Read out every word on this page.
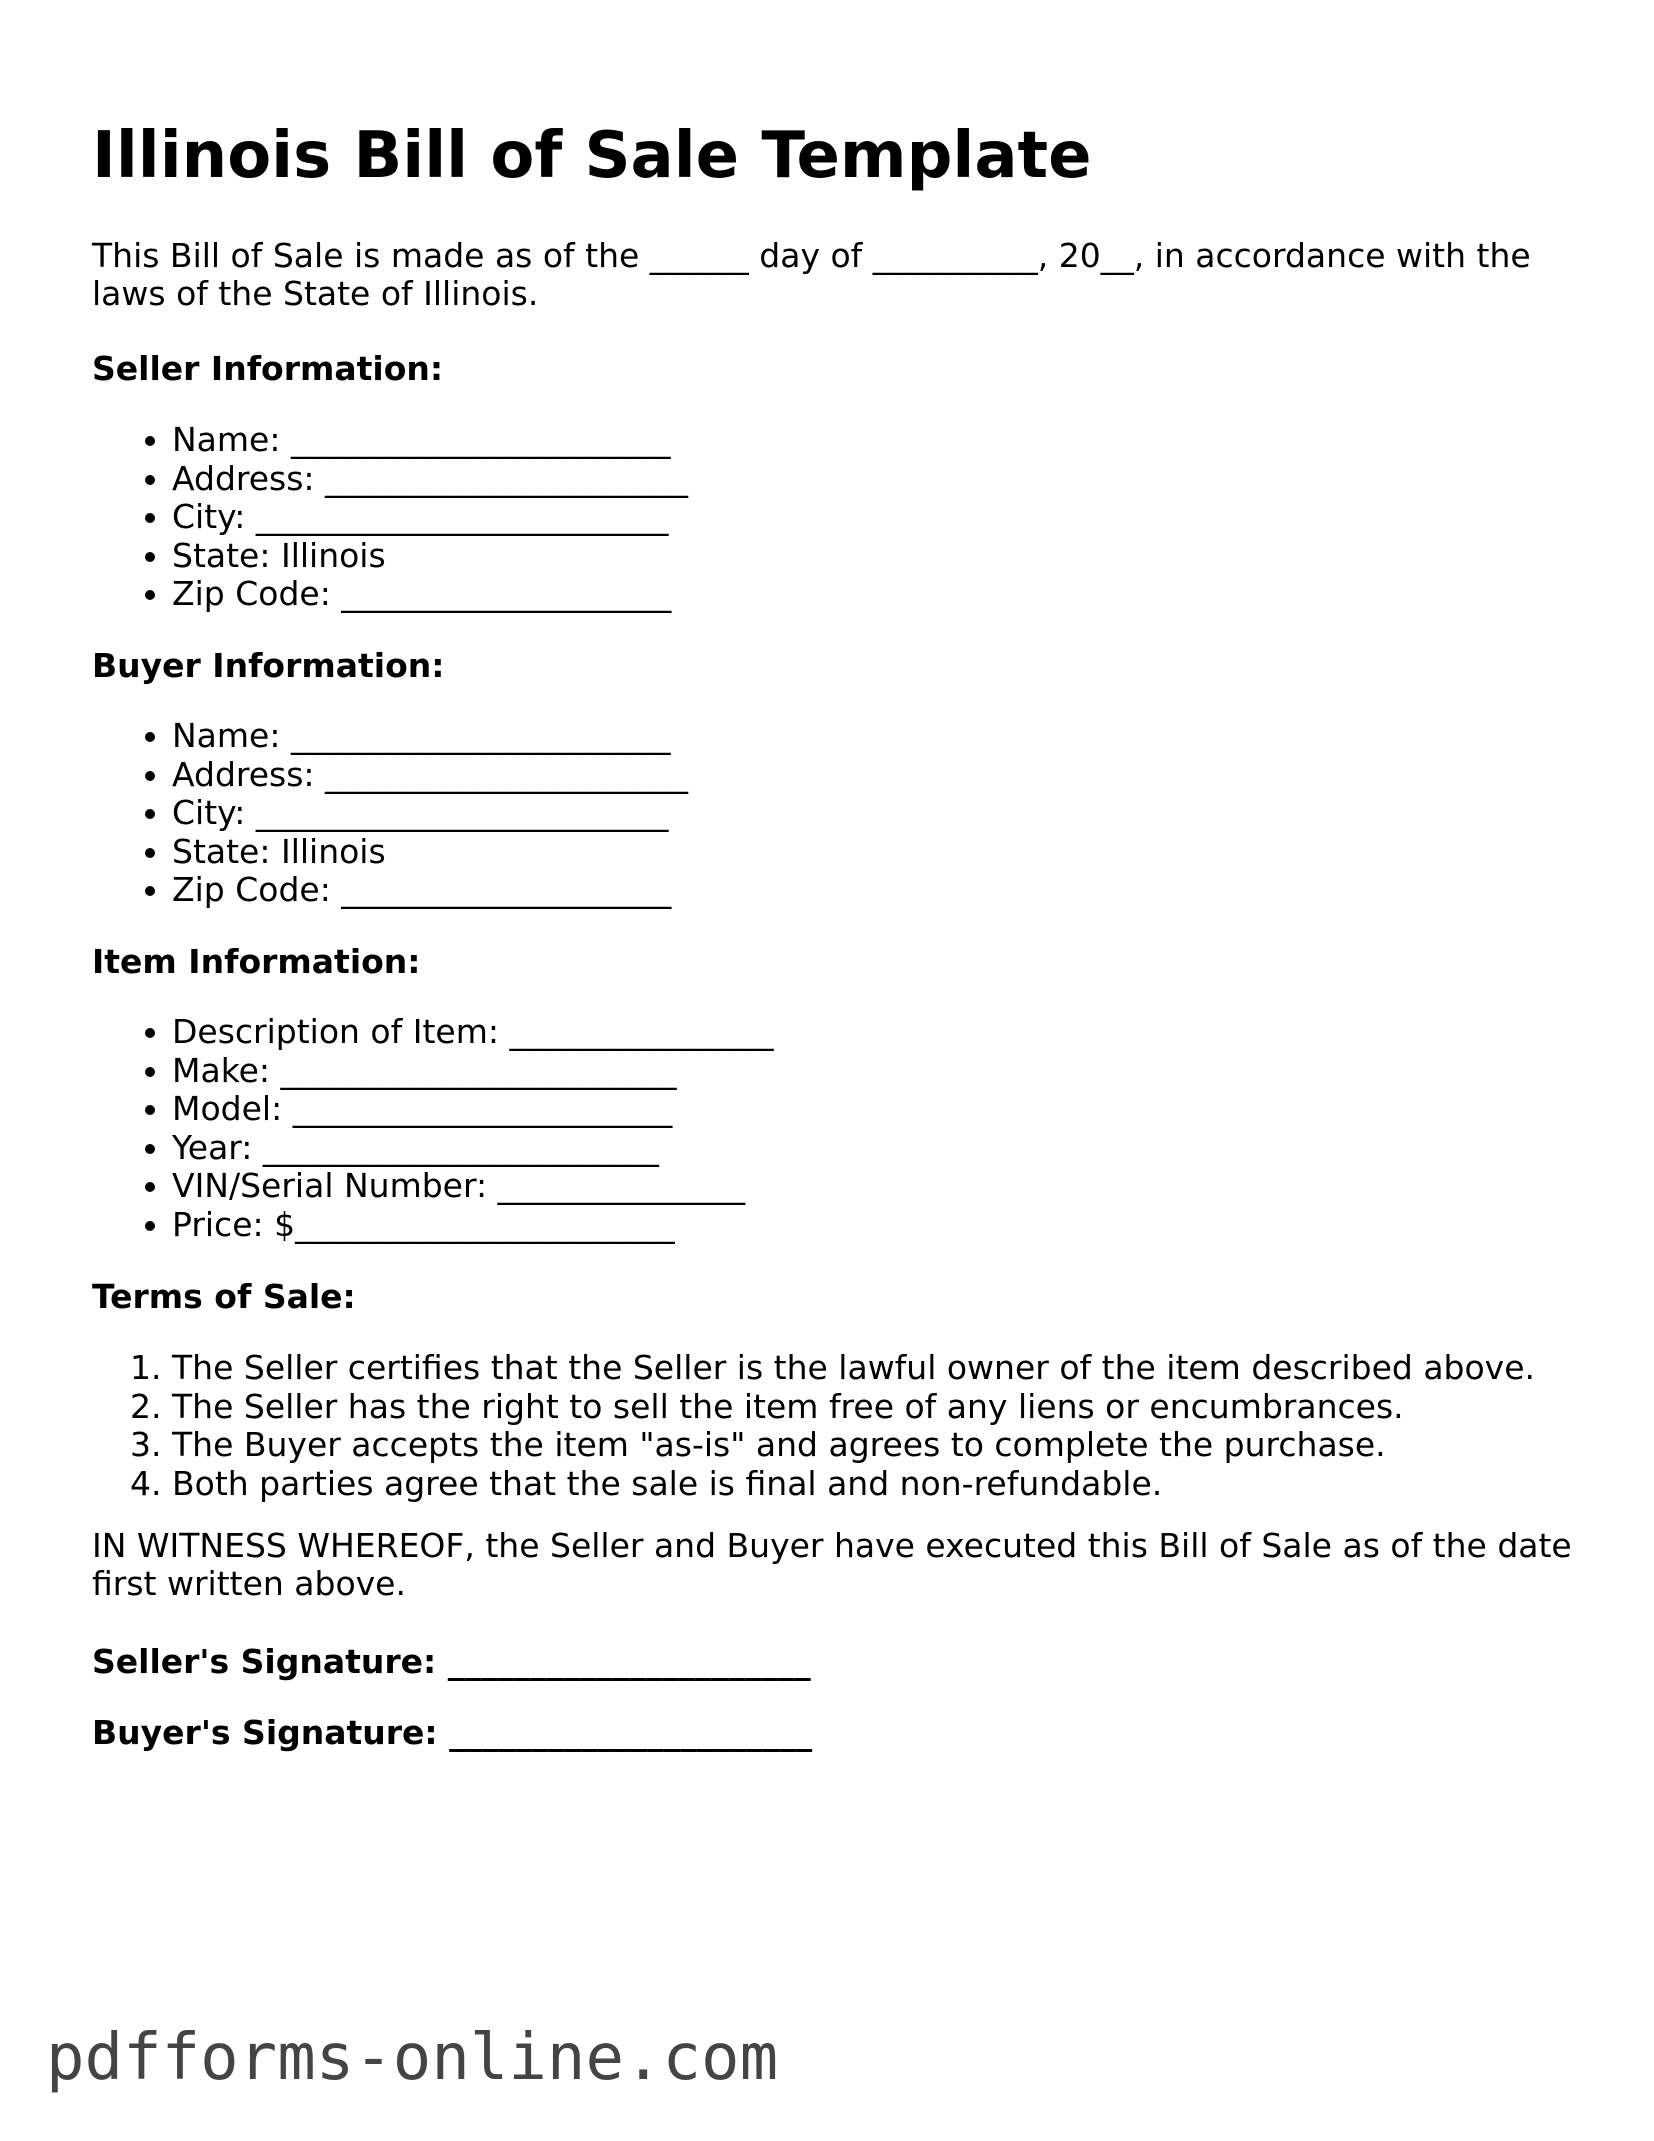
Illinois Bill of Sale Template

This Bill of Sale is made as of the ______ day of __________, 20__, in accordance with the laws of the State of Illinois.

Seller Information:

• Name: _______________________
• Address: ______________________
• City: _________________________
• State: Illinois
• Zip Code: ____________________

Buyer Information:

• Name: _______________________
• Address: ______________________
• City: _________________________
• State: Illinois
• Zip Code: ____________________

Item Information:

• Description of Item: ________________
• Make: ________________________
• Model: _______________________
• Year: ________________________
• VIN/Serial Number: _______________
• Price: $_______________________

Terms of Sale:

1. The Seller certifies that the Seller is the lawful owner of the item described above.
2. The Seller has the right to sell the item free of any liens or encumbrances.
3. The Buyer accepts the item "as-is" and agrees to complete the purchase.
4. Both parties agree that the sale is final and non-refundable.

IN WITNESS WHEREOF, the Seller and Buyer have executed this Bill of Sale as of the date first written above.

Seller's Signature: ______________________

Buyer's Signature: ______________________

pdfforms-online.com
